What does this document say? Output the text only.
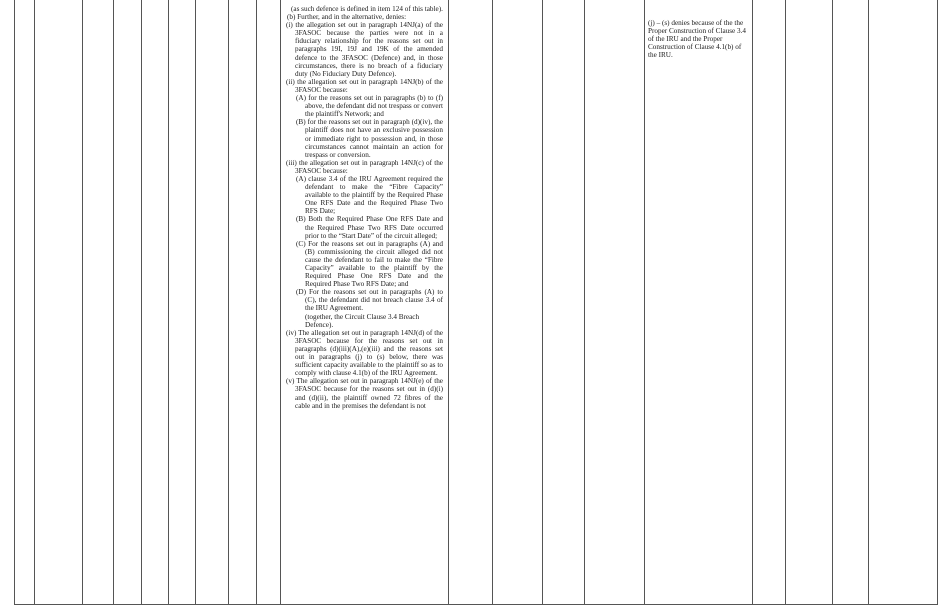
(as such defence is defined in item 124 of this table).

(b) Further, and in the alternative, denies:

(i) the allegation set out in paragraph 14NJ(a) of the 3FASOC because the parties were not in a fiduciary relationship for the reasons set out in paragraphs 19I, 19J and 19K of the amended defence to the 3FASOC (Defence) and, in those circumstances, there is no breach of a fiduciary duty (No Fiduciary Duty Defence).

(ii) the allegation set out in paragraph 14NJ(b) of the 3FASOC because:

(A) for the reasons set out in paragraphs (b) to (f) above, the defendant did not trespass or convert the plaintiff's Network; and

(B) for the reasons set out in paragraph (d)(iv), the plaintiff does not have an exclusive possession or immediate right to possession and, in those circumstances cannot maintain an action for trespass or conversion.

(iii) the allegation set out in paragraph 14NJ(c) of the 3FASOC because:

(A) clause 3.4 of the IRU Agreement required the defendant to make the “Fibre Capacity” available to the plaintiff by the Required Phase One RFS Date and the Required Phase Two RFS Date;

(B) Both the Required Phase One RFS Date and the Required Phase Two RFS Date occurred prior to the “Start Date” of the circuit alleged;

(C) For the reasons set out in paragraphs (A) and (B) commissioning the circuit alleged did not cause the defendant to fail to make the “Fibre Capacity” available to the plaintiff by the Required Phase One RFS Date and the Required Phase Two RFS Date; and

(D) For the reasons set out in paragraphs (A) to (C), the defendant did not breach clause 3.4 of the IRU Agreement.

(together, the Circuit Clause 3.4 Breach Defence).

(iv) The allegation set out in paragraph 14NJ(d) of the 3FASOC because for the reasons set out in paragraphs (d)(iii)(A),(e)(iii) and the reasons set out in paragraphs (j) to (s) below, there was sufficient capacity available to the plaintiff so as to comply with clause 4.1(b) of the IRU Agreement.

(v) The allegation set out in paragraph 14NJ(e) of the 3FASOC because for the reasons set out in (d)(i) and (d)(ii), the plaintiff owned 72 fibres of the cable and in the premises the defendant is not

(j) – (s) denies because of the the Proper Construction of Clause 3.4 of the IRU and the Proper Construction of Clause 4.1(b) of the IRU.
